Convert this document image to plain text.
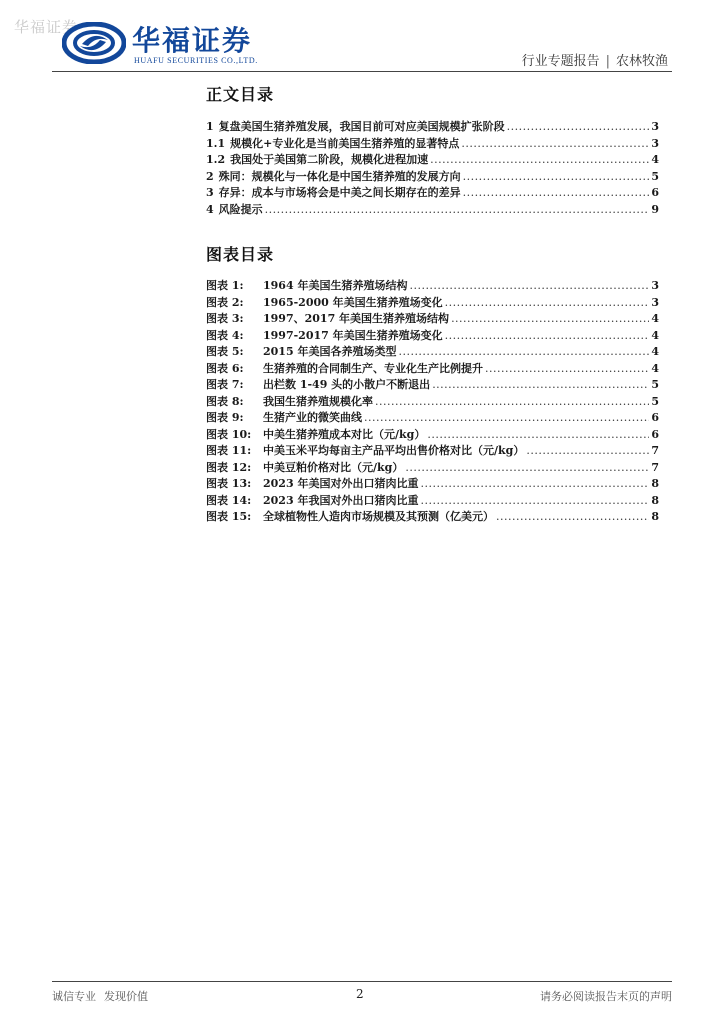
华福证券 华福证券
HUAFU SECURITIES CO.,LTD.	行业专题报告 | 农林牧渔
正文目录
1 复盘美国生猪养殖发展，我国目前可对应美国规模扩张阶段 .....	3
1.1 规模化+专业化是当前美国生猪养殖的显著特点 .....	3
1.2 我国处于美国第二阶段，规模化进程加速 .....	4
2 殊同：规模化与一体化是中国生猪养殖的发展方向 .....	5
3 存异：成本与市场将会是中美之间长期存在的差异 .....	6
4 风险提示 .....	9
图表目录
图表 1:	1964 年美国生猪养殖场结构 .....	3
图表 2:	1965-2000 年美国生猪养殖场变化 .....	3
图表 3:	1997、2017 年美国生猪养殖场结构 .....	4
图表 4:	1997-2017 年美国生猪养殖场变化 .....	4
图表 5:	2015 年美国各养殖场类型 .....	4
图表 6:	生猪养殖的合同制生产、专业化生产比例提升 .....	4
图表 7:	出栏数 1-49 头的小散户不断退出 .....	5
图表 8:	我国生猪养殖规模化率 .....	5
图表 9:	生猪产业的微笑曲线 .....	6
图表 10:	中美生猪养殖成本对比（元/kg） .....	6
图表 11:	中美玉米平均每亩主产品平均出售价格对比（元/kg） .....	7
图表 12:	中美豆粕价格对比（元/kg） .....	7
图表 13:	2023 年美国对外出口猪肉比重 .....	8
图表 14:	2023 年我国对外出口猪肉比重 .....	8
图表 15:	全球植物性人造肉市场规模及其预测（亿美元） .....	8
诚信专业 发现价值	2	请务必阅读报告末页的声明
